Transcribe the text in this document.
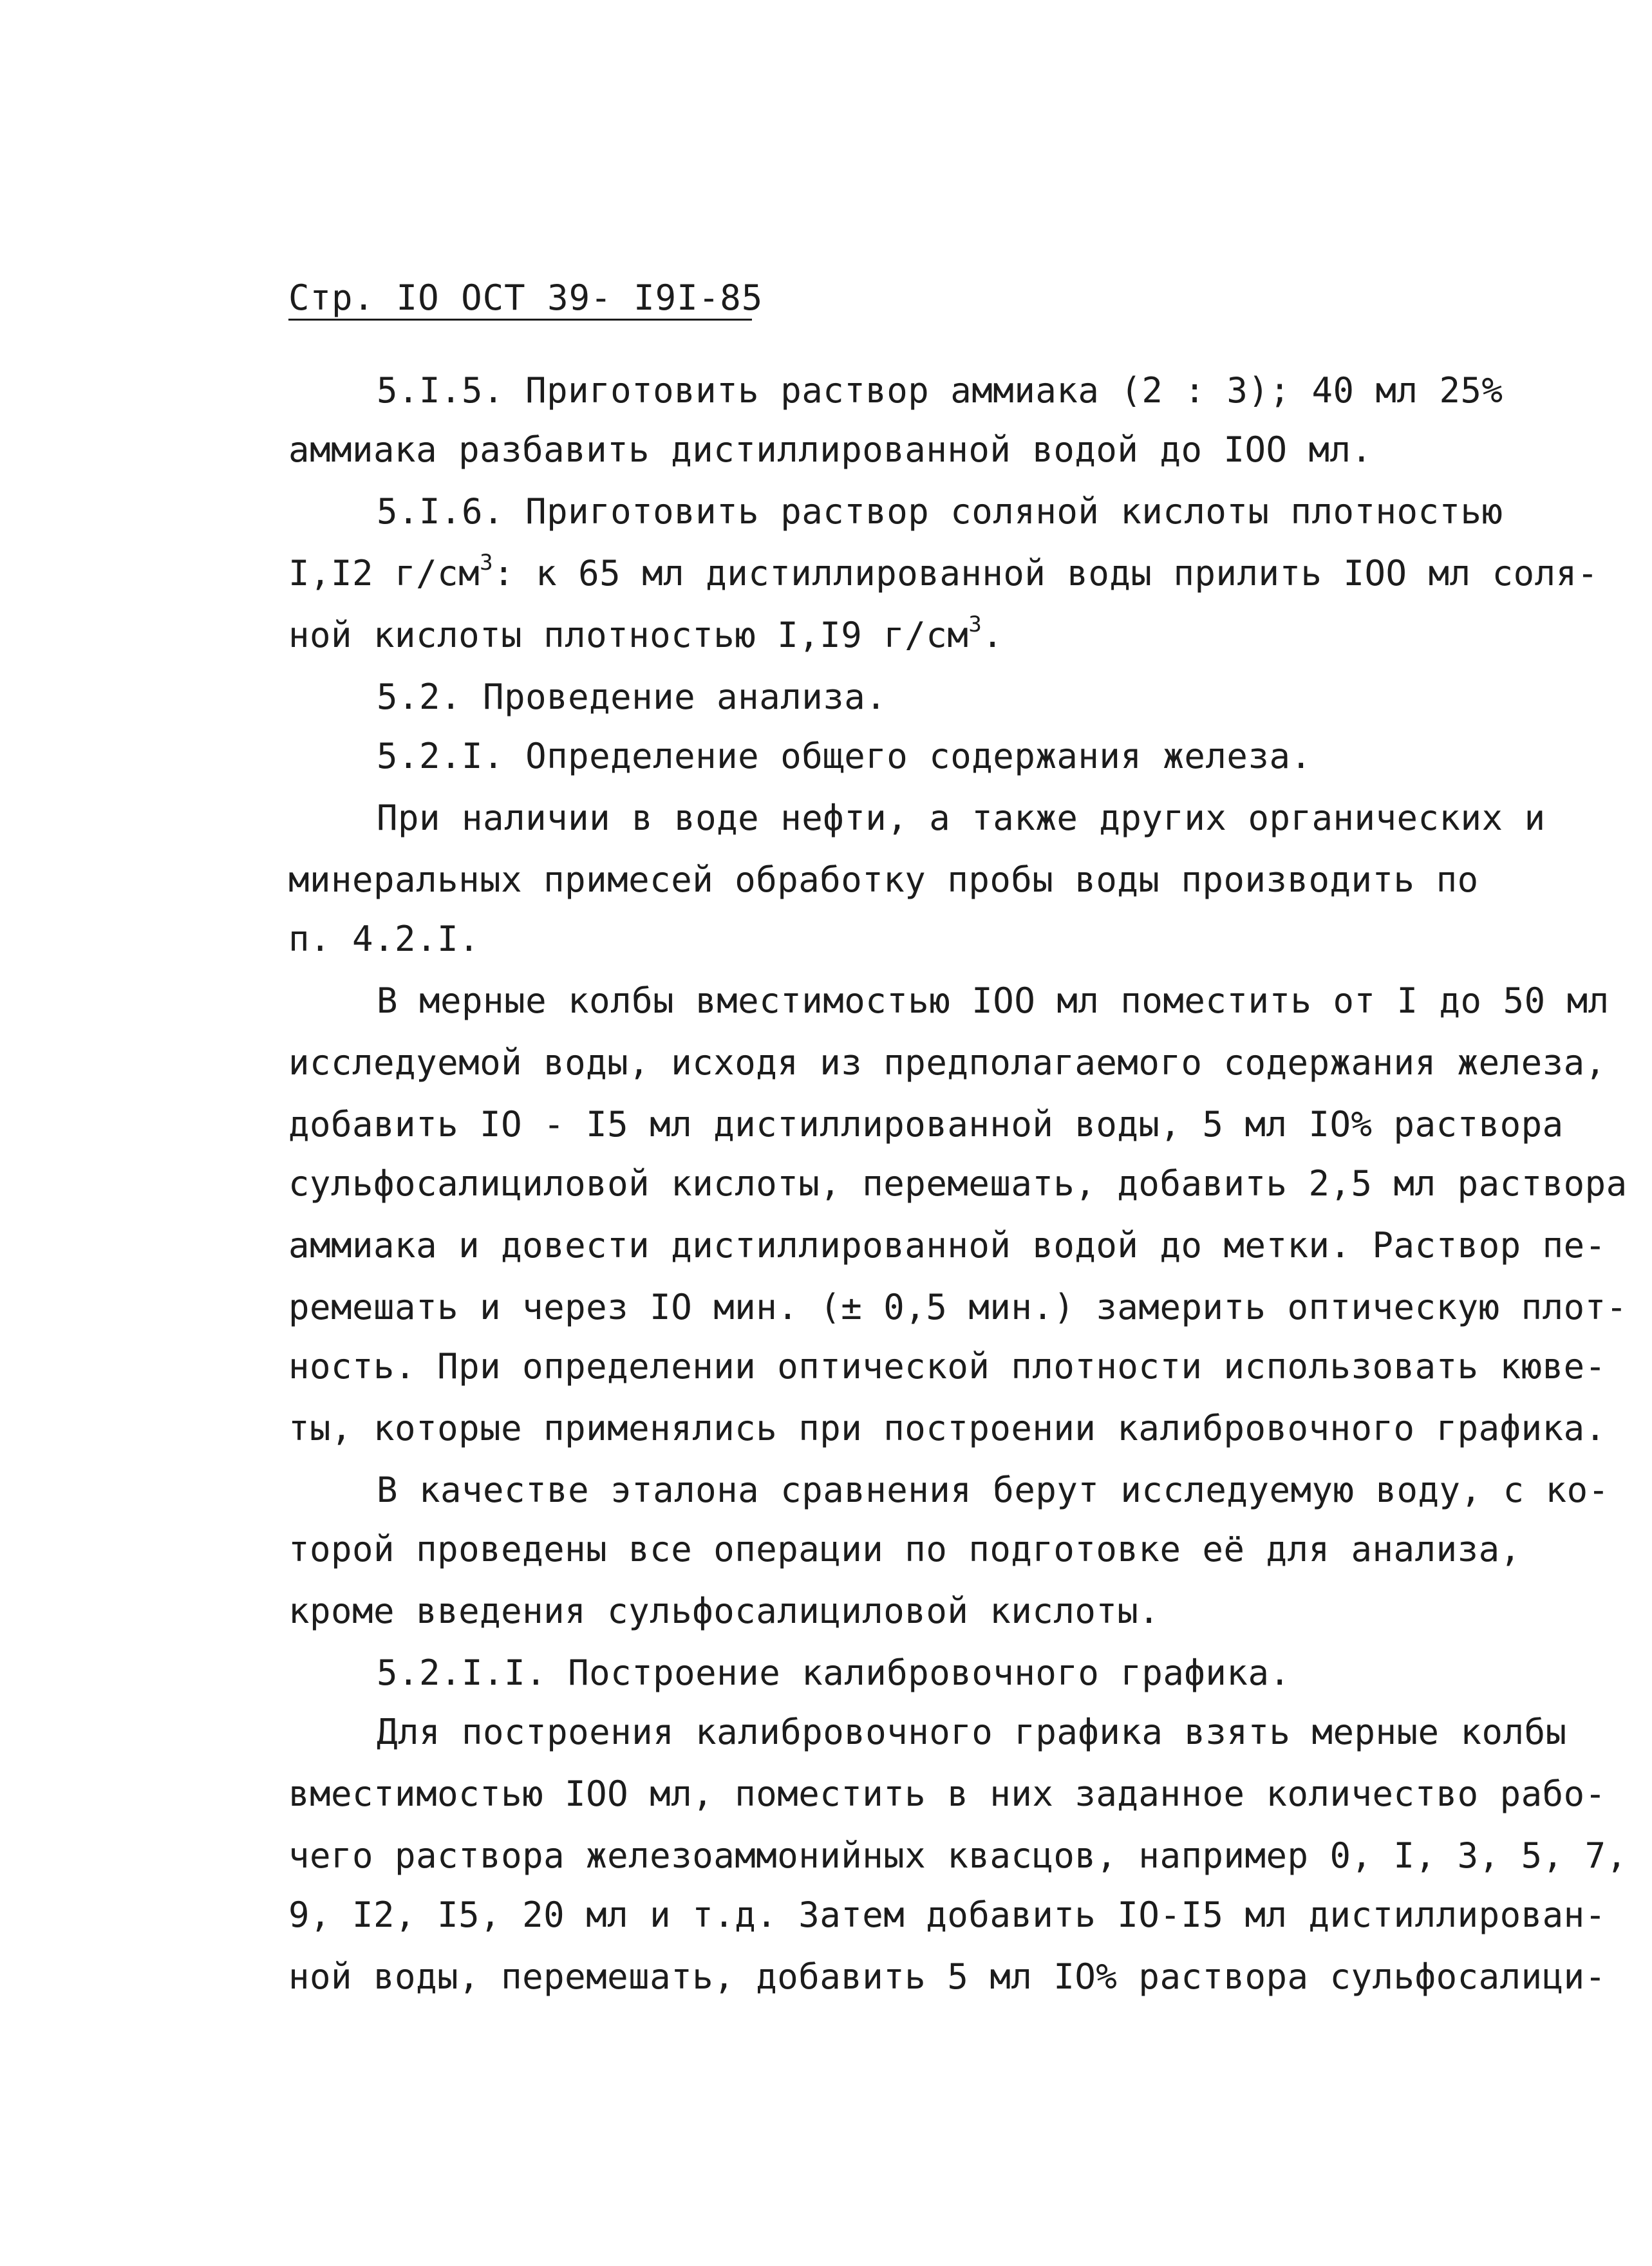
Стр. IO ОСТ 39- I9I-85
5.I.5. Приготовить раствор аммиака (2 : 3); 40 мл 25%
аммиака разбавить дистиллированной водой до IOO мл.
5.I.6. Приготовить раствор соляной кислоты плотностью
I,I2 $г/см^3$: к 65 мл дистиллированной воды прилить IOO мл соля-
ной кислоты плотностью I,I9 $г/см^3$.
5.2. Проведение анализа.
5.2.I. Определение общего содержания железа.
При наличии в воде нефти, а также других органических и
минеральных примесей обработку пробы воды производить по
п. 4.2.I.
В мерные колбы вместимостью IOO мл поместить от I до 50 мл
исследуемой воды, исходя из предполагаемого содержания железа,
добавить IO - I5 мл дистиллированной воды, 5 мл IO% раствора
сульфосалициловой кислоты, перемешать, добавить 2,5 мл раствора
аммиака и довести дистиллированной водой до метки. Раствор пе-
ремешать и через IO мин. (± 0,5 мин.) замерить оптическую плот-
ность. При определении оптической плотности использовать кюве-
ты, которые применялись при построении калибровочного графика.
В качестве эталона сравнения берут исследуемую воду, с ко-
торой проведены все операции по подготовке её для анализа,
кроме введения сульфосалициловой кислоты.
5.2.I.I. Построение калибровочного графика.
Для построения калибровочного графика взять мерные колбы
вместимостью IOO мл, поместить в них заданное количество рабо-
чего раствора железоаммонийных квасцов, например 0, I, 3, 5, 7,
9, I2, I5, 20 мл и т.д. Затем добавить IO-I5 мл дистиллирован-
ной воды, перемешать, добавить 5 мл IO% раствора сульфосалици-
